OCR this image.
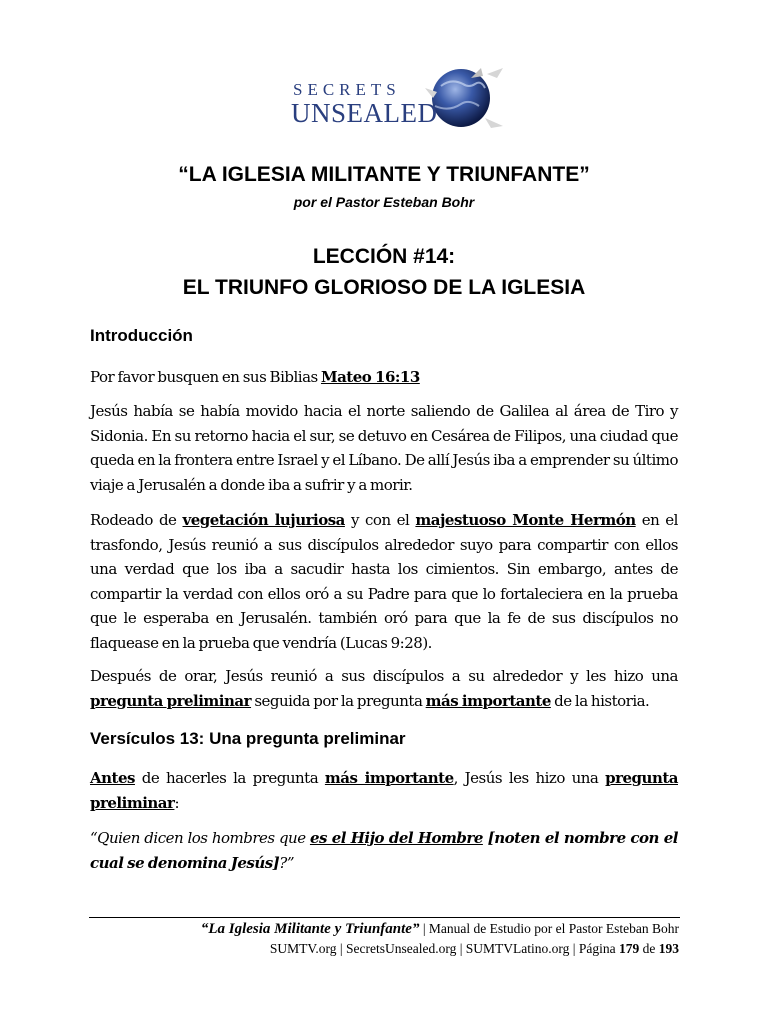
SECRETS
UNSEALED
“LA IGLESIA MILITANTE Y TRIUNFANTE”
por el Pastor Esteban Bohr
LECCIÓN #14:
EL TRIUNFO GLORIOSO DE LA IGLESIA
Introducción
Por favor busquen en sus Biblias Mateo 16:13
Jesús había se había movido hacia el norte saliendo de Galilea al área de Tiro y Sidonia. En su retorno hacia el sur, se detuvo en Cesárea de Filipos, una ciudad que queda en la frontera entre Israel y el Líbano. De allí Jesús iba a emprender su último viaje a Jerusalén a donde iba a sufrir y a morir.
Rodeado de vegetación lujuriosa y con el majestuoso Monte Hermón en el trasfondo, Jesús reunió a sus discípulos alrededor suyo para compartir con ellos una verdad que los iba a sacudir hasta los cimientos. Sin embargo, antes de compartir la verdad con ellos oró a su Padre para que lo fortaleciera en la prueba que le esperaba en Jerusalén. también oró para que la fe de sus discípulos no flaquease en la prueba que vendría (Lucas 9:28).
Después de orar, Jesús reunió a sus discípulos a su alrededor y les hizo una pregunta preliminar seguida por la pregunta más importante de la historia.
Versículos 13: Una pregunta preliminar
Antes de hacerles la pregunta más importante, Jesús les hizo una pregunta preliminar:
“Quien dicen los hombres que es el Hijo del Hombre [noten el nombre con el cual se denomina Jesús]?”
“La Iglesia Militante y Triunfante” | Manual de Estudio por el Pastor Esteban Bohr
SUMTV.org | SecretsUnsealed.org | SUMTVLatino.org | Página 179 de 193
